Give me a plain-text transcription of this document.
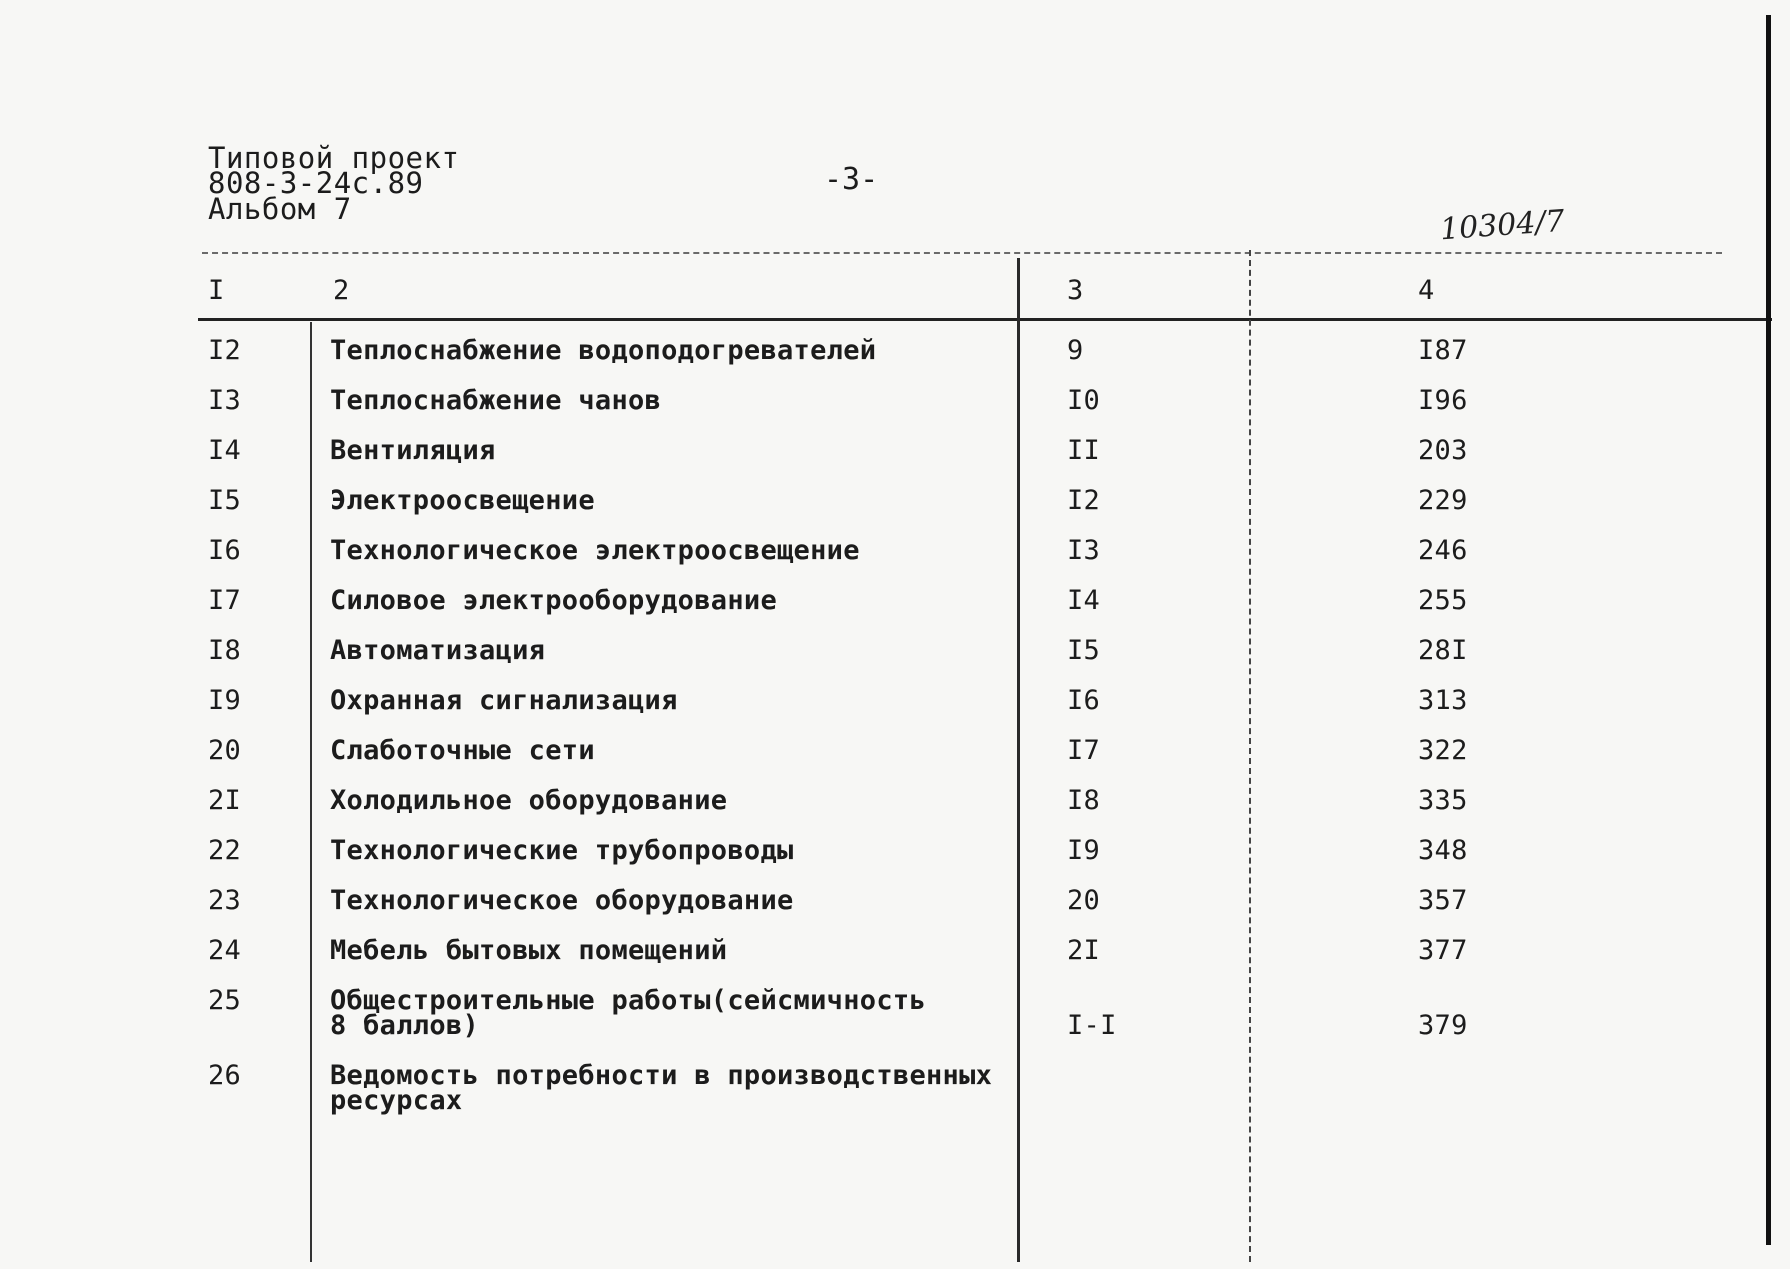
Типовой проект
808-3-24с.89
Альбом 7
-3-
10304/7
I	2	3	4
I2	Теплоснабжение водоподогревателей	9	I87
I3	Теплоснабжение чанов	I0	I96
I4	Вентиляция	II	203
I5	Электроосвещение	I2	229
I6	Технологическое электроосвещение	I3	246
I7	Силовое электрооборудование	I4	255
I8	Автоматизация	I5	28I
I9	Охранная сигнализация	I6	313
20	Слаботочные сети	I7	322
2I	Холодильное оборудование	I8	335
22	Технологические трубопроводы	I9	348
23	Технологическое оборудование	20	357
24	Мебель бытовых помещений	2I	377
25	Общестроительные работы(сейсмичность
8 баллов)	I-I	379
26	Ведомость потребности в производственных
ресурсах
